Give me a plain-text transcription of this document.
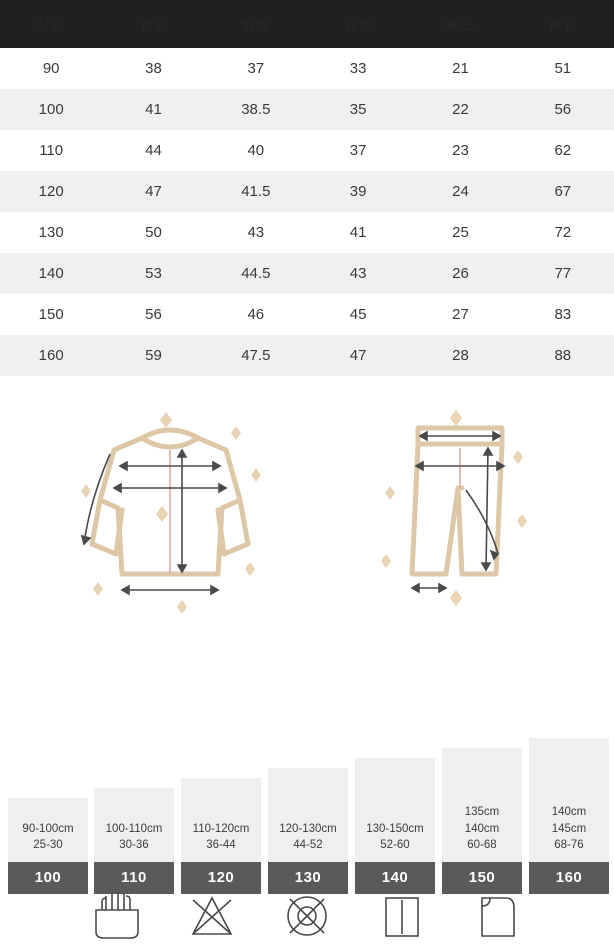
尺码	衣长	胸围	肩宽	袖长	裤长
90	38	37	33	21	51
100	41	38.5	35	22	56
110	44	40	37	23	62
120	47	41.5	39	24	67
130	50	43	41	25	72
140	53	44.5	43	26	77
150	56	46	45	27	83
160	59	47.5	47	28	88
90-100cm
25-30
100
100-110cm
30-36
110
110-120cm
36-44
120
120-130cm
44-52
130
130-150cm
52-60
140
135cm
140cm
60-68
150
140cm
145cm
68-76
160
